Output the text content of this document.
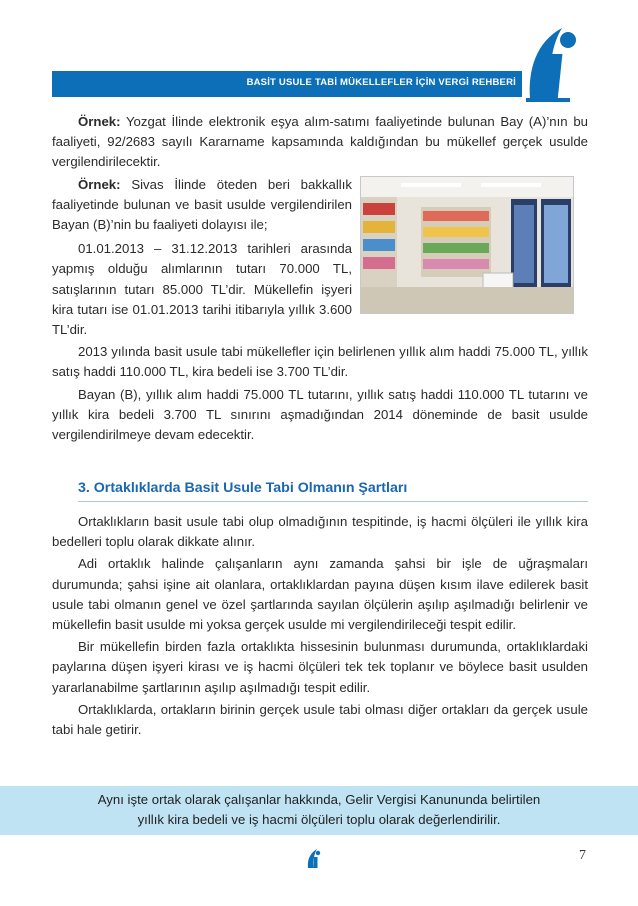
BASİT USULE TABİ MÜKELLEFLER İÇİN VERGİ REHBERİ

Örnek: Yozgat İlinde elektronik eşya alım-satımı faaliyetinde bulunan Bay (A)’nın bu faaliyeti, 92/2683 sayılı Kararname kapsamında kaldığından bu mükellef gerçek usulde vergilendirilecektir.

Örnek: Sivas İlinde öteden beri bakkallık faaliyetinde bulunan ve basit usulde vergilendirilen Bayan (B)’nin bu faaliyeti dolayısı ile;

01.01.2013 – 31.12.2013 tarihleri arasında yapmış olduğu alımlarının tutarı 70.000 TL, satışlarının tutarı 85.000 TL’dir. Mükellefin işyeri kira tutarı ise 01.01.2013 tarihi itibarıyla yıllık 3.600 TL’dir.

2013 yılında basit usule tabi mükellefler için belirlenen yıllık alım haddi 75.000 TL, yıllık satış haddi 110.000 TL, kira bedeli ise 3.700 TL’dir.

Bayan (B), yıllık alım haddi 75.000 TL tutarını, yıllık satış haddi 110.000 TL tutarını ve yıllık kira bedeli 3.700 TL sınırını aşmadığından 2014 döneminde de basit usulde vergilendirilmeye devam edecektir.

3. Ortaklıklarda Basit Usule Tabi Olmanın Şartları

Ortaklıkların basit usule tabi olup olmadığının tespitinde, iş hacmi ölçüleri ile yıllık kira bedelleri toplu olarak dikkate alınır.

Adi ortaklık halinde çalışanların aynı zamanda şahsi bir işle de uğraşmaları durumunda; şahsi işine ait olanlara, ortaklıklardan payına düşen kısım ilave edilerek basit usule tabi olmanın genel ve özel şartlarında sayılan ölçülerin aşılıp aşılmadığı belirlenir ve mükellefin basit usulde mi yoksa gerçek usulde mi vergilendirileceği tespit edilir.

Bir mükellefin birden fazla ortaklıkta hissesinin bulunması durumunda, ortaklıklardaki paylarına düşen işyeri kirası ve iş hacmi ölçüleri tek tek toplanır ve böylece basit usulden yararlanabilme şartlarının aşılıp aşılmadığı tespit edilir.

Ortaklıklarda, ortakların birinin gerçek usule tabi olması diğer ortakları da gerçek usule tabi hale getirir.

Aynı işte ortak olarak çalışanlar hakkında, Gelir Vergisi Kanununda belirtilen
yıllık kira bedeli ve iş hacmi ölçüleri toplu olarak değerlendirilir.
7
